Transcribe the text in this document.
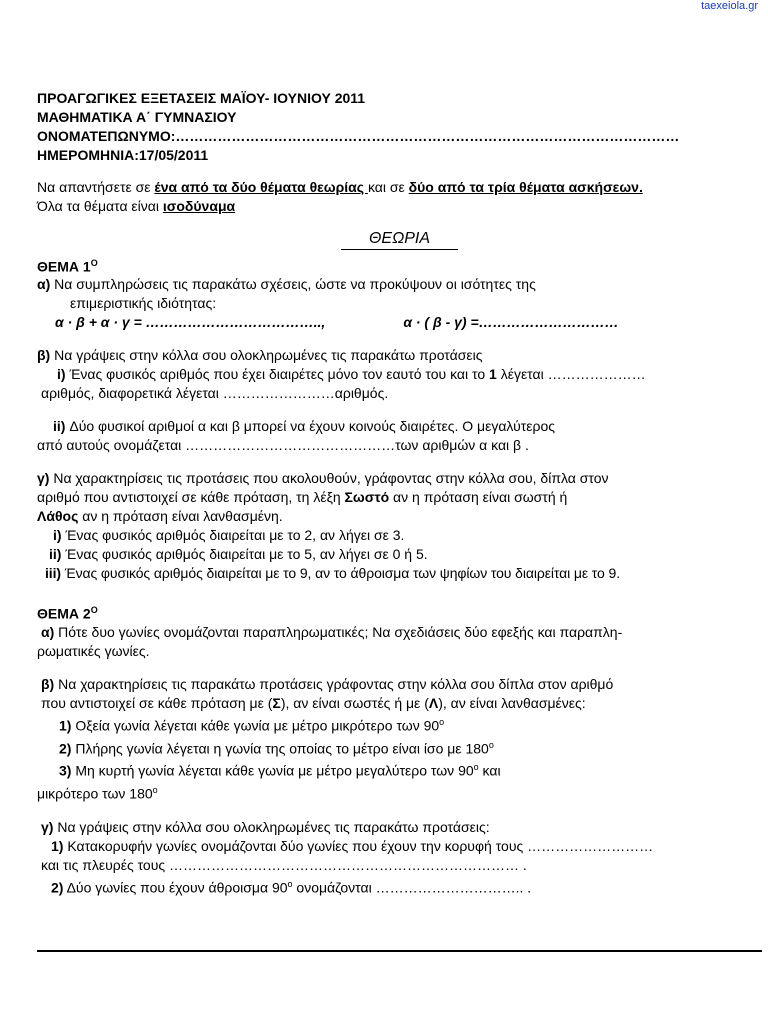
taexeiola.gr

ΠΡΟΑΓΩΓΙΚΕΣ ΕΞΕΤΑΣΕΙΣ ΜΑΪΟΥ- ΙΟΥΝΙΟΥ 2011

ΜΑΘΗΜΑΤΙΚΑ Α΄ ΓΥΜΝΑΣΙΟΥ

ΟΝΟΜΑΤΕΠΩΝΥΜΟ:………………………………………………………………………………………………

ΗΜΕΡΟΜΗΝΙΑ:17/05/2011

Να απαντήσετε σε ένα από τα δύο θέματα θεωρίας και σε δύο από τα τρία θέματα ασκήσεων.

Όλα τα θέματα είναι ισοδύναμα

ΘΕΩΡΙΑ
ΘΕΜΑ $1^O$

α) Να συμπληρώσεις τις παρακάτω σχέσεις, ώστε να προκύψουν οι ισότητες της

επιμεριστικής ιδιότητας:

α · β + α · γ = ………………………………..,	α · ( β - γ) =…………………………

β) Να γράψεις στην κόλλα σου ολοκληρωμένες τις παρακάτω προτάσεις

i) Ένας φυσικός αριθμός που έχει διαιρέτες μόνο τον εαυτό του και το 1 λέγεται …………………

αριθμός, διαφορετικά λέγεται ……………………αριθμός.

ii) Δύο φυσικοί αριθμοί α και β μπορεί να έχουν κοινούς διαιρέτες. Ο μεγαλύτερος

από αυτούς ονομάζεται ………………………………………των αριθμών α και β .

γ) Να χαρακτηρίσεις τις προτάσεις που ακολουθούν, γράφοντας στην κόλλα σου, δίπλα στον

αριθμό που αντιστοιχεί σε κάθε πρόταση, τη λέξη Σωστό αν η πρόταση είναι σωστή ή

Λάθος αν η πρόταση είναι λανθασμένη.

i) Ένας φυσικός αριθμός διαιρείται με το 2, αν λήγει σε 3.

ii) Ένας φυσικός αριθμός διαιρείται με το 5, αν λήγει σε 0 ή 5.

iii) Ένας φυσικός αριθμός διαιρείται με το 9, αν το άθροισμα των ψηφίων του διαιρείται με το 9.

ΘΕΜΑ $2^O$

α) Πότε δυο γωνίες ονομάζονται παραπληρωματικές; Να σχεδιάσεις δύο εφεξής και παραπλη-

ρωματικές γωνίες.

β) Να χαρακτηρίσεις τις παρακάτω προτάσεις γράφοντας στην κόλλα σου δίπλα στον αριθμό

που αντιστοιχεί σε κάθε πρόταση με (Σ), αν είναι σωστές ή με (Λ), αν είναι λανθασμένες:

1) Οξεία γωνία λέγεται κάθε γωνία με μέτρο μικρότερο των $90^o$

2) Πλήρης γωνία λέγεται η γωνία της οποίας το μέτρο είναι ίσο με $180^o$

3) Μη κυρτή γωνία λέγεται κάθε γωνία με μέτρο μεγαλύτερο των $90^o$ και

μικρότερο των $180^o$

γ) Να γράψεις στην κόλλα σου ολοκληρωμένες τις παρακάτω προτάσεις:

1) Κατακορυφήν γωνίες ονομάζονται δύο γωνίες που έχουν την κορυφή τους ………………………

και τις πλευρές τους ………………………………………………………………… .

2) Δύο γωνίες που έχουν άθροισμα $90^o$ ονομάζονται ………………………….. .
